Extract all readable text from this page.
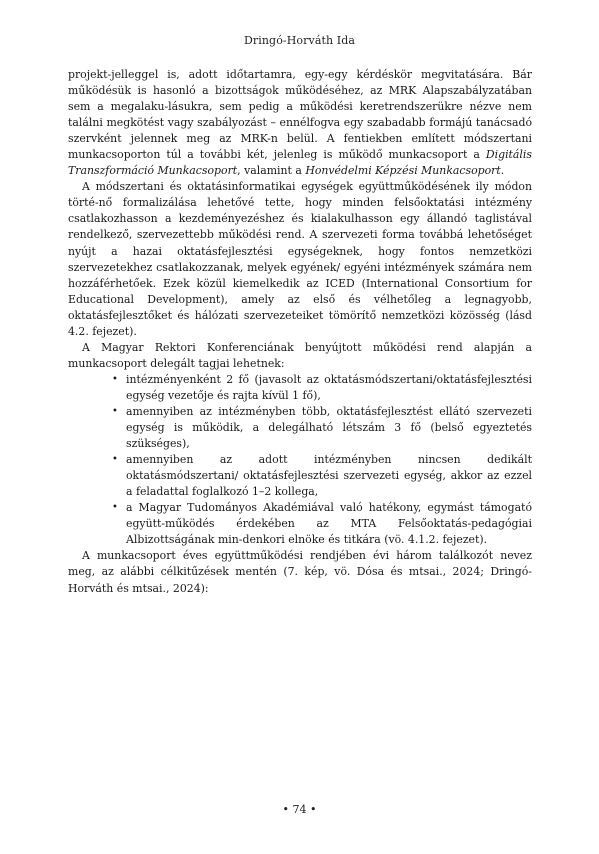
Dringó-Horváth Ida

projekt-jelleggel is, adott időtartamra, egy-egy kérdéskör megvitatására. Bár működésük is hasonló a bizottságok működéséhez, az MRK Alapszabályzatában sem a megalaku-lásukra, sem pedig a működési keretrendszerükre nézve nem találni megkötést vagy szabályozást – ennélfogva egy szabadabb formájú tanácsadó szervként jelennek meg az MRK-n belül. A fentiekben említett módszertani munkacsoporton túl a további két, jelenleg is működő munkacsoport a Digitális Transzformáció Munkacsoport, valamint a Honvédelmi Képzési Munkacsoport.

A módszertani és oktatásinformatikai egységek együttműködésének ily módon törté-nő formalizálása lehetővé tette, hogy minden felsőoktatási intézmény csatlakozhasson a kezdeményezéshez és kialakulhasson egy állandó taglistával rendelkező, szervezettebb működési rend. A szervezeti forma továbbá lehetőséget nyújt a hazai oktatásfejlesztési egységeknek, hogy fontos nemzetközi szervezetekhez csatlakozzanak, melyek egyének/ egyéni intézmények számára nem hozzáférhetőek. Ezek közül kiemelkedik az ICED (International Consortium for Educational Development), amely az első és vélhetőleg a legnagyobb, oktatásfejlesztőket és hálózati szervezeteiket tömörítő nemzetközi közösség (lásd 4.2. fejezet).

A Magyar Rektori Konferenciának benyújtott működési rend alapján a munkacsoport delegált tagjai lehetnek:

• intézményenként 2 fő (javasolt az oktatásmódszertani/oktatásfejlesztési egység vezetője és rajta kívül 1 fő),
• amennyiben az intézményben több, oktatásfejlesztést ellátó szervezeti egység is működik, a delegálható létszám 3 fő (belső egyeztetés szükséges),
• amennyiben az adott intézményben nincsen dedikált oktatásmódszertani/ oktatásfejlesztési szervezeti egység, akkor az ezzel a feladattal foglalkozó 1–2 kollega,
• a Magyar Tudományos Akadémiával való hatékony, egymást támogató együtt-működés érdekében az MTA Felsőoktatás-pedagógiai Albizottságának min-denkori elnöke és titkára (vö. 4.1.2. fejezet).

A munkacsoport éves együttműködési rendjében évi három találkozót nevez meg, az alábbi célkitűzések mentén (7. kép, vö. Dósa és mtsai., 2024; Dringó-Horváth és mtsai., 2024):

• 74 •
